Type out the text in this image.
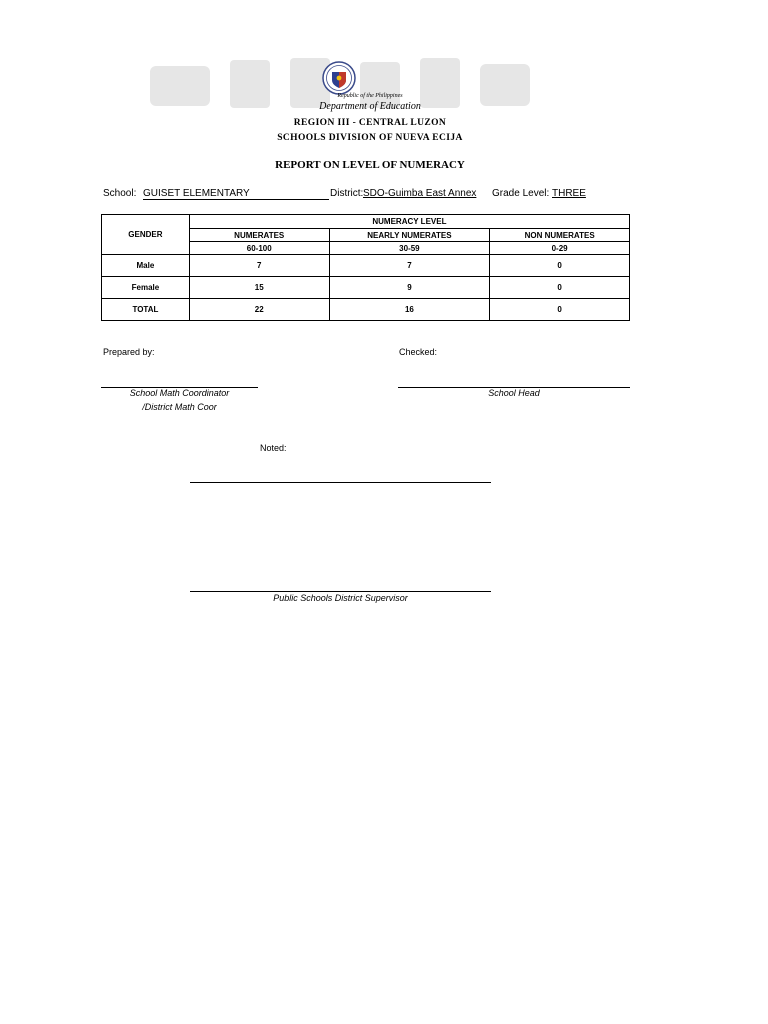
Republic of the Philippines
Department of Education
REGION III - CENTRAL LUZON
SCHOOLS DIVISION OF NUEVA ECIJA
REPORT ON LEVEL OF NUMERACY
School: GUISET ELEMENTARY	District: SDO-Guimba East Annex Grade Level: THREE
GENDER	NUMERACY LEVEL		
	NUMERATES	NEARLY NUMERATES	NON NUMERATES
	60-100	30-59	0-29
Male	7	7	0
Female	15	9	0
TOTAL	22	16	0
Prepared by:	Checked:
School Math Coordinator
/District Math Coor
School Head
Noted:
Public Schools District Supervisor
